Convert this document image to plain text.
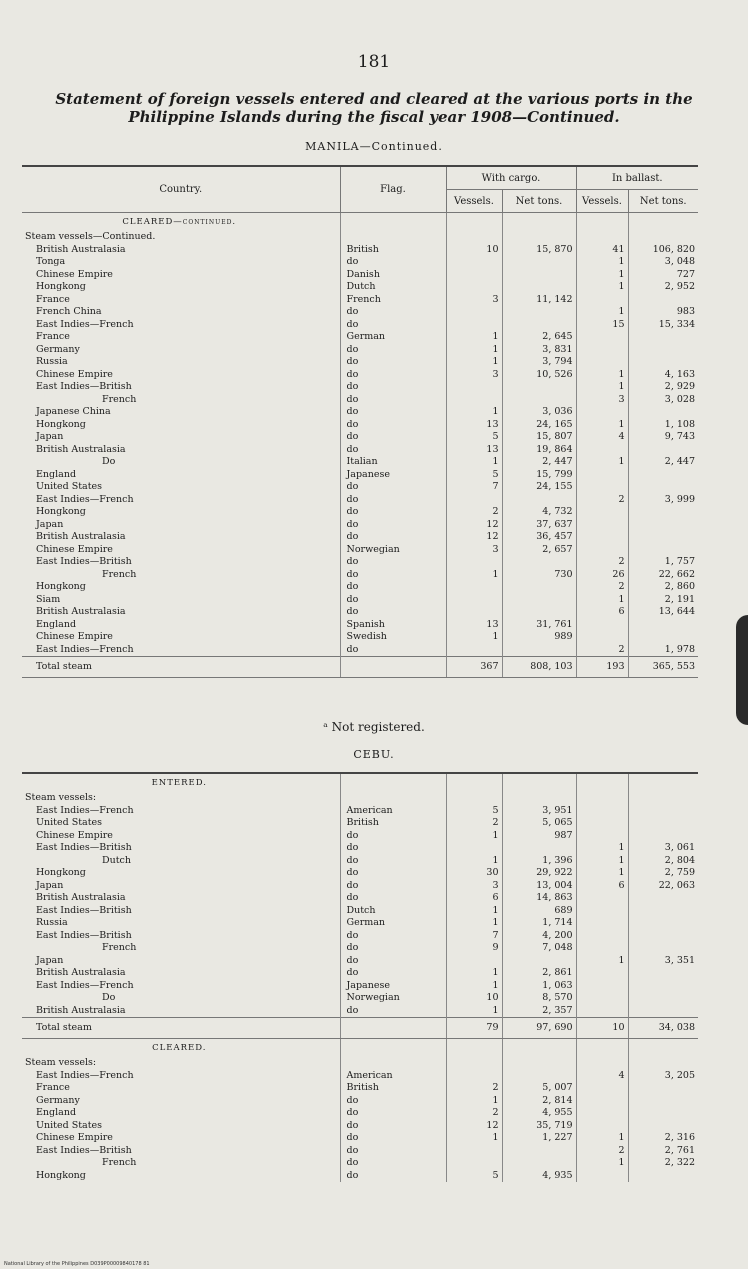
181
Statement of foreign vessels entered and cleared at the various ports in the
Philippine Islands during the fiscal year 1908—Continued.
MANILA—Continued.
Country.	Flag.	With cargo.		In ballast.	
		Vessels.	Net tons.	Vessels.	Net tons.
CLEARED—continued.					
Steam vessels—Continued.					
British Australasia	British	10	15, 870	41	106, 820
Tonga	do			1	3, 048
Chinese Empire	Danish			1	727
Hongkong	Dutch			1	2, 952
France	French	3	11, 142		
French China	do			1	983
East Indies—French	do			15	15, 334
France	German	1	2, 645		
Germany	do	1	3, 831		
Russia	do	1	3, 794		
Chinese Empire	do	3	10, 526	1	4, 163
East Indies—British	do			1	2, 929
French	do			3	3, 028
Japanese China	do	1	3, 036		
Hongkong	do	13	24, 165	1	1, 108
Japan	do	5	15, 807	4	9, 743
British Australasia	do	13	19, 864		
Do	Italian	1	2, 447	1	2, 447
England	Japanese	5	15, 799		
United States	do	7	24, 155		
East Indies—French	do			2	3, 999
Hongkong	do	2	4, 732		
Japan	do	12	37, 637		
British Australasia	do	12	36, 457		
Chinese Empire	Norwegian	3	2, 657		
East Indies—British	do			2	1, 757
French	do	1	730	26	22, 662
Hongkong	do			2	2, 860
Siam	do			1	2, 191
British Australasia	do			6	13, 644
England	Spanish	13	31, 761		
Chinese Empire	Swedish	1	989		
East Indies—French	do			2	1, 978
Total steam		367	808, 103	193	365, 553
ᵃ Not registered.
CEBU.
ENTERED.					
Steam vessels:					
East Indies—French	American	5	3, 951		
United States	British	2	5, 065		
Chinese Empire	do	1	987		
East Indies—British	do			1	3, 061
Dutch	do	1	1, 396	1	2, 804
Hongkong	do	30	29, 922	1	2, 759
Japan	do	3	13, 004	6	22, 063
British Australasia	do	6	14, 863		
East Indies—British	Dutch	1	689		
Russia	German	1	1, 714		
East Indies—British	do	7	4, 200		
French	do	9	7, 048		
Japan	do			1	3, 351
British Australasia	do	1	2, 861		
East Indies—French	Japanese	1	1, 063		
Do	Norwegian	10	8, 570		
British Australasia	do	1	2, 357		
Total steam		79	97, 690	10	34, 038
CLEARED.					
Steam vessels:					
East Indies—French	American			4	3, 205
France	British	2	5, 007		
Germany	do	1	2, 814		
England	do	2	4, 955		
United States	do	12	35, 719		
Chinese Empire	do	1	1, 227	1	2, 316
East Indies—British	do			2	2, 761
French	do			1	2, 322
Hongkong	do	5	4, 935		
National Library of the Philippines D039P00009840178 81
